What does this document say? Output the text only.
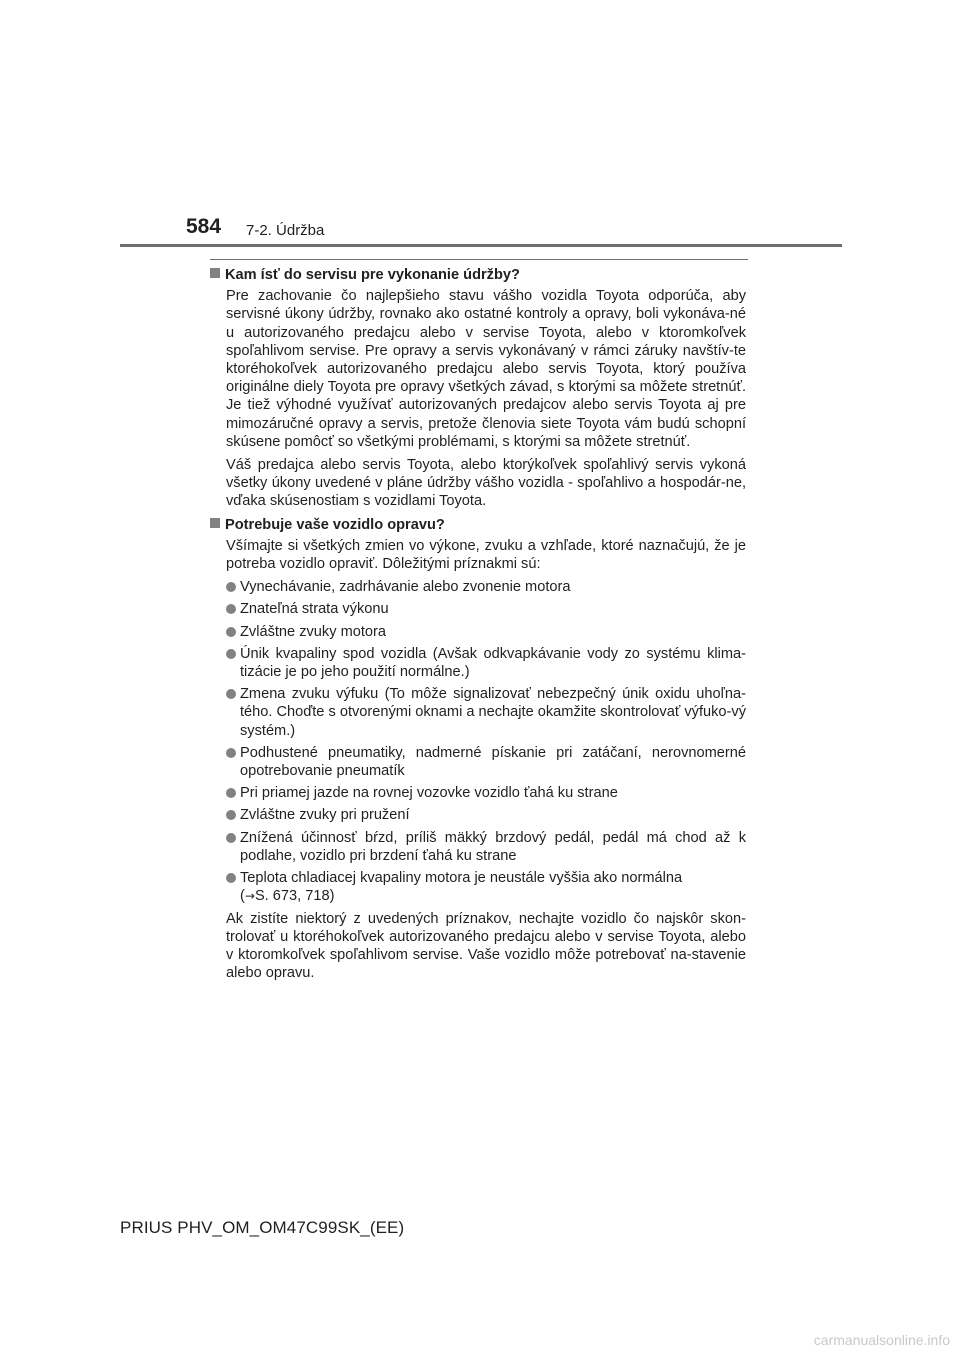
584 7-2. Údržba
Kam ísť do servisu pre vykonanie údržby?

Pre zachovanie čo najlepšieho stavu vášho vozidla Toyota odporúča, aby servisné úkony údržby, rovnako ako ostatné kontroly a opravy, boli vykonáva-né u autorizovaného predajcu alebo v servise Toyota, alebo v ktoromkoľvek spoľahlivom servise. Pre opravy a servis vykonávaný v rámci záruky navštív-te ktoréhokoľvek autorizovaného predajcu alebo servis Toyota, ktorý používa originálne diely Toyota pre opravy všetkých závad, s ktorými sa môžete stretnúť. Je tiež výhodné využívať autorizovaných predajcov alebo servis Toyota aj pre mimozáručné opravy a servis, pretože členovia siete Toyota vám budú schopní skúsene pomôcť so všetkými problémami, s ktorými sa môžete stretnúť.

Váš predajca alebo servis Toyota, alebo ktorýkoľvek spoľahlivý servis vykoná všetky úkony uvedené v pláne údržby vášho vozidla - spoľahlivo a hospodár-ne, vďaka skúsenostiam s vozidlami Toyota.

Potrebuje vaše vozidlo opravu?

Všímajte si všetkých zmien vo výkone, zvuku a vzhľade, ktoré naznačujú, že je potreba vozidlo opraviť. Dôležitými príznakmi sú:

Vynechávanie, zadrhávanie alebo zvonenie motora
Znateľná strata výkonu
Zvláštne zvuky motora
Únik kvapaliny spod vozidla (Avšak odkvapkávanie vody zo systému klima-tizácie je po jeho použití normálne.)
Zmena zvuku výfuku (To môže signalizovať nebezpečný únik oxidu uhoľna-tého. Choďte s otvorenými oknami a nechajte okamžite skontrolovať výfuko-vý systém.)
Podhustené pneumatiky, nadmerné pískanie pri zatáčaní, nerovnomerné opotrebovanie pneumatík
Pri priamej jazde na rovnej vozovke vozidlo ťahá ku strane
Zvláštne zvuky pri pružení
Znížená účinnosť bŕzd, príliš mäkký brzdový pedál, pedál má chod až k podlahe, vozidlo pri brzdení ťahá ku strane
Teplota chladiacej kvapaliny motora je neustále vyššia ako normálna
(→S. 673, 718)

Ak zistíte niektorý z uvedených príznakov, nechajte vozidlo čo najskôr skon-trolovať u ktoréhokoľvek autorizovaného predajcu alebo v servise Toyota, alebo v ktoromkoľvek spoľahlivom servise. Vaše vozidlo môže potrebovať na-stavenie alebo opravu.

PRIUS PHV_OM_OM47C99SK_(EE)
carmanualsonline.info
